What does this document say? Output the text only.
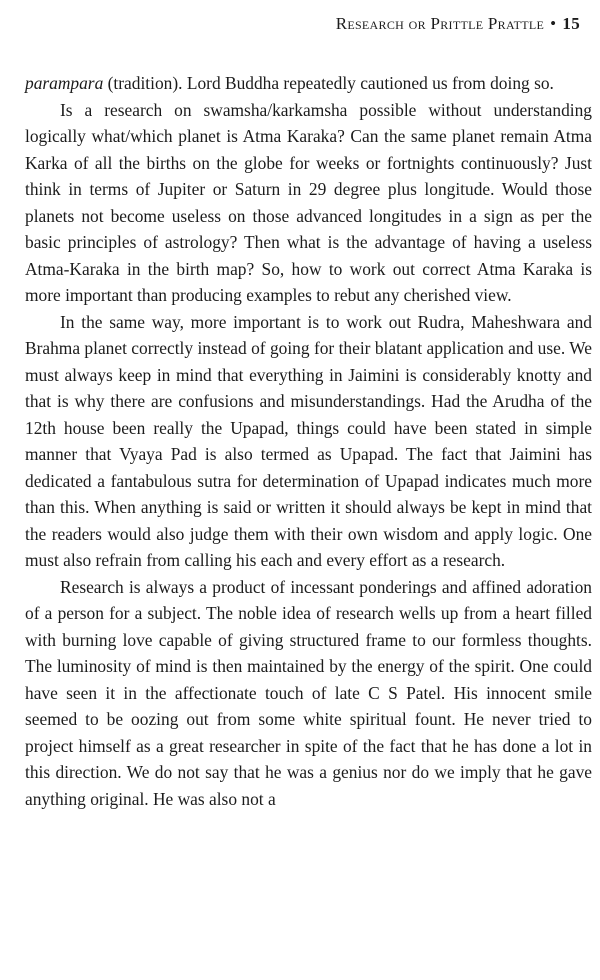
Research or Prittle Prattle • 15

parampara (tradition). Lord Buddha repeatedly cautioned us from doing so.

Is a research on swamsha/karkamsha possible without understanding logically what/which planet is Atma Karaka? Can the same planet remain Atma Karka of all the births on the globe for weeks or fortnights continuously? Just think in terms of Jupiter or Saturn in 29 degree plus longitude. Would those planets not become useless on those advanced longitudes in a sign as per the basic principles of astrology? Then what is the advantage of having a useless Atma-Karaka in the birth map? So, how to work out correct Atma Karaka is more important than producing examples to rebut any cherished view.

In the same way, more important is to work out Rudra, Maheshwara and Brahma planet correctly instead of going for their blatant application and use. We must always keep in mind that everything in Jaimini is considerably knotty and that is why there are confusions and misunderstandings. Had the Arudha of the 12th house been really the Upapad, things could have been stated in simple manner that Vyaya Pad is also termed as Upapad. The fact that Jaimini has dedicated a fantabulous sutra for determination of Upapad indicates much more than this. When anything is said or written it should always be kept in mind that the readers would also judge them with their own wisdom and apply logic. One must also refrain from calling his each and every effort as a research.

Research is always a product of incessant ponderings and affined adoration of a person for a subject. The noble idea of research wells up from a heart filled with burning love capable of giving structured frame to our formless thoughts. The luminosity of mind is then maintained by the energy of the spirit. One could have seen it in the affectionate touch of late C S Patel. His innocent smile seemed to be oozing out from some white spiritual fount. He never tried to project himself as a great researcher in spite of the fact that he has done a lot in this direction. We do not say that he was a genius nor do we imply that he gave anything original. He was also not a
